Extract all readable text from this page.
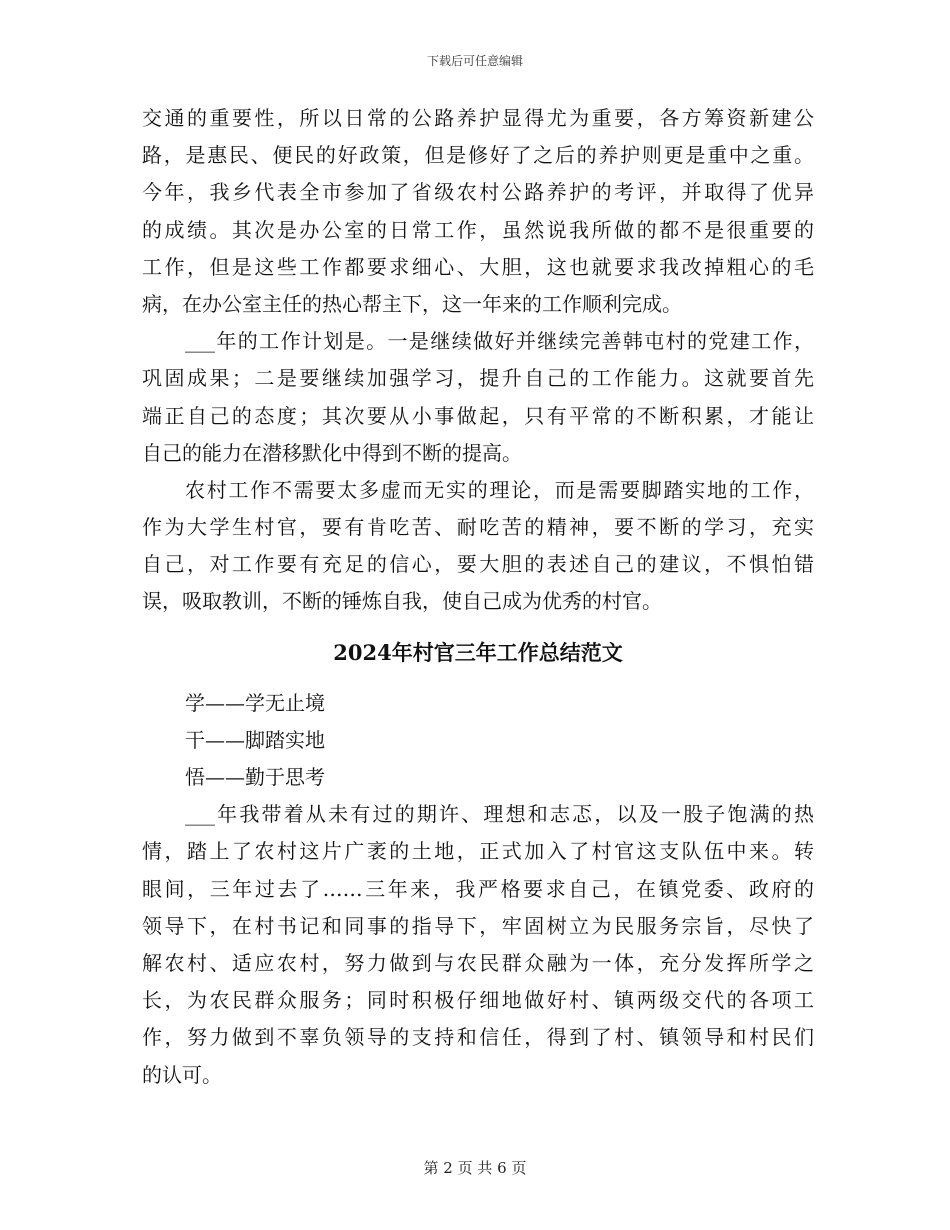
下载后可任意编辑
交通的重要性，所以日常的公路养护显得尤为重要，各方筹资新建公
路，是惠民、便民的好政策，但是修好了之后的养护则更是重中之重。
今年，我乡代表全市参加了省级农村公路养护的考评，并取得了优异
的成绩。其次是办公室的日常工作，虽然说我所做的都不是很重要的
工作，但是这些工作都要求细心、大胆，这也就要求我改掉粗心的毛
病，在办公室主任的热心帮主下，这一年来的工作顺利完成。
___年的工作计划是。一是继续做好并继续完善韩屯村的党建工作，
巩固成果；二是要继续加强学习，提升自己的工作能力。这就要首先
端正自己的态度；其次要从小事做起，只有平常的不断积累，才能让
自己的能力在潜移默化中得到不断的提高。
农村工作不需要太多虚而无实的理论，而是需要脚踏实地的工作，
作为大学生村官，要有肯吃苦、耐吃苦的精神，要不断的学习，充实
自己，对工作要有充足的信心，要大胆的表述自己的建议，不惧怕错
误，吸取教训，不断的锤炼自我，使自己成为优秀的村官。
2024年村官三年工作总结范文
学——学无止境
干——脚踏实地
悟——勤于思考
___年我带着从未有过的期许、理想和志忑，以及一股子饱满的热
情，踏上了农村这片广袤的土地，正式加入了村官这支队伍中来。转
眼间，三年过去了……三年来，我严格要求自己，在镇党委、政府的
领导下，在村书记和同事的指导下，牢固树立为民服务宗旨，尽快了
解农村、适应农村，努力做到与农民群众融为一体，充分发挥所学之
长，为农民群众服务；同时积极仔细地做好村、镇两级交代的各项工
作，努力做到不辜负领导的支持和信任，得到了村、镇领导和村民们
的认可。
第 2 页 共 6 页
